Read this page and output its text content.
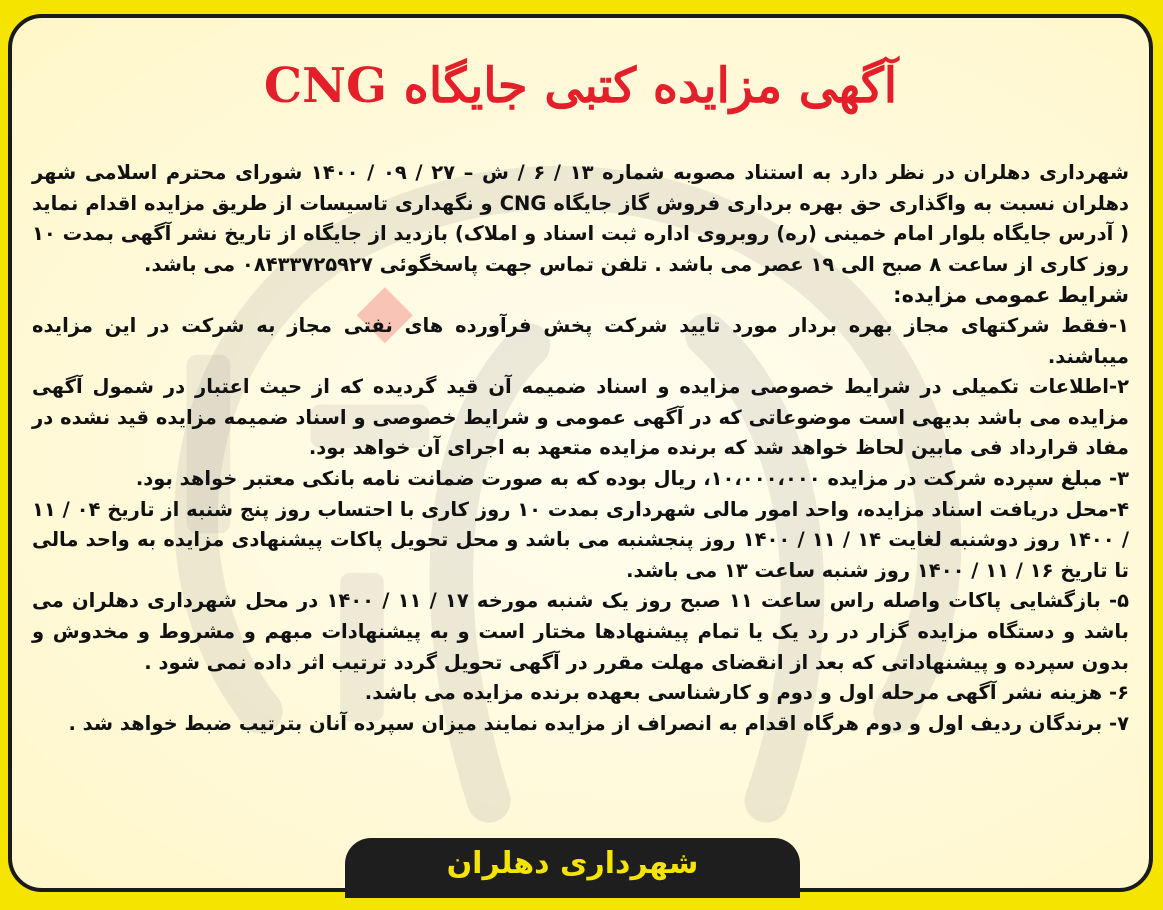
آگهی مزایده کتبی جایگاه CNG

شهرداری دهلران در نظر دارد به استناد مصوبه شماره ۱۳ / ۶ / ش – ۲۷ / ۰۹ / ۱۴۰۰ شورای محترم اسلامی شهر دهلران نسبت به واگذاری حق بهره برداری فروش گاز جایگاه CNG و نگهداری تاسیسات از طریق مزایده اقدام نماید ( آدرس جایگاه بلوار امام خمینی (ره) روبروی اداره ثبت اسناد و املاک) بازدید از جایگاه از تاریخ نشر آگهی بمدت ۱۰ روز کاری از ساعت ۸ صبح الی ۱۹ عصر می باشد . تلفن تماس جهت پاسخگوئی ۰۸۴۳۳۷۲۵۹۲۷ می باشد.

شرایط عمومی مزایده:

۱-فقط شرکتهای مجاز بهره بردار مورد تایید شرکت پخش فرآورده های نفتی مجاز به شرکت در این مزایده میباشند.

۲-اطلاعات تکمیلی در شرایط خصوصی مزایده و اسناد ضمیمه آن قید گردیده که از حیث اعتبار در شمول آگهی مزایده می باشد بدیهی است موضوعاتی که در آگهی عمومی و شرایط خصوصی و اسناد ضمیمه مزایده قید نشده در مفاد قرارداد فی مابین لحاظ خواهد شد که برنده مزایده متعهد به اجرای آن خواهد بود.

۳- مبلغ سپرده شرکت در مزایده ۱۰،۰۰۰،۰۰۰، ریال بوده که به صورت ضمانت نامه بانکی معتبر خواهد بود.

۴-محل دریافت اسناد مزایده، واحد امور مالی شهرداری بمدت ۱۰ روز کاری با احتساب روز پنج شنبه از تاریخ ۰۴ / ۱۱ / ۱۴۰۰ روز دوشنبه لغایت ۱۴ / ۱۱ / ۱۴۰۰ روز پنجشنبه می باشد و محل تحویل پاکات پیشنهادی مزایده به واحد مالی تا تاریخ ۱۶ / ۱۱ / ۱۴۰۰ روز شنبه ساعت ۱۳ می باشد.

۵- بازگشایی پاکات واصله راس ساعت ۱۱ صبح روز یک شنبه مورخه ۱۷ / ۱۱ / ۱۴۰۰ در محل شهرداری دهلران می باشد و دستگاه مزایده گزار در رد یک یا تمام پیشنهادها مختار است و به پیشنهادات مبهم و مشروط و مخدوش و بدون سپرده و پیشنهاداتی که بعد از انقضای مهلت مقرر در آگهی تحویل گردد ترتیب اثر داده نمی شود .

۶- هزینه نشر آگهی مرحله اول و دوم و کارشناسی بعهده برنده مزایده می باشد.

۷- برندگان ردیف اول و دوم هرگاه اقدام به انصراف از مزایده نمایند میزان سپرده آنان بترتیب ضبط خواهد شد .

شهرداری دهلران
